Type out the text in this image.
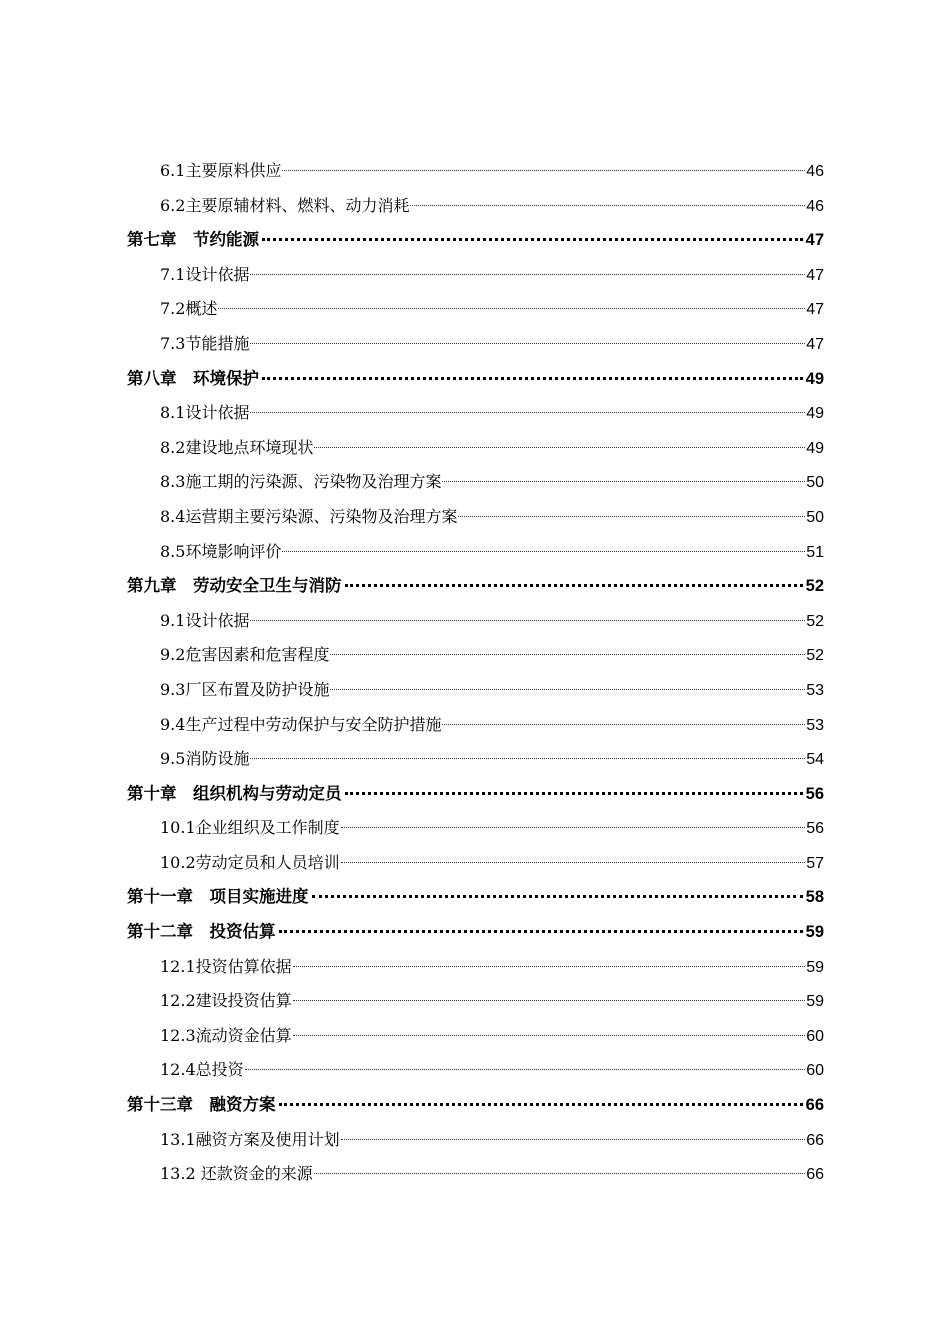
6.1主要原料供应	46
6.2主要原辅材料、燃料、动力消耗	46
第七章　节约能源	47
7.1设计依据	47
7.2概述	47
7.3节能措施	47
第八章　环境保护	49
8.1设计依据	49
8.2建设地点环境现状	49
8.3施工期的污染源、污染物及治理方案	50
8.4运营期主要污染源、污染物及治理方案	50
8.5环境影响评价	51
第九章　劳动安全卫生与消防	52
9.1设计依据	52
9.2危害因素和危害程度	52
9.3厂区布置及防护设施	53
9.4生产过程中劳动保护与安全防护措施	53
9.5消防设施	54
第十章　组织机构与劳动定员	56
10.1企业组织及工作制度	56
10.2劳动定员和人员培训	57
第十一章　项目实施进度	58
第十二章　投资估算	59
12.1投资估算依据	59
12.2建设投资估算	59
12.3流动资金估算	60
12.4总投资	60
第十三章　融资方案	66
13.1融资方案及使用计划	66
13.2 还款资金的来源	66
